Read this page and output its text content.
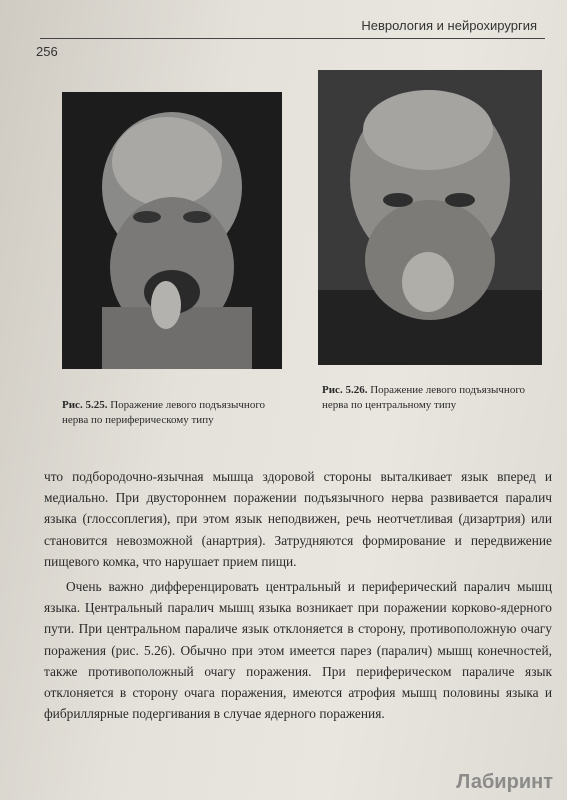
Неврология и нейрохирургия
256
Рис. 5.25. Поражение левого подъязычного нерва по периферическому типу
Рис. 5.26. Поражение левого подъязычного нерва по центральному типу

что подбородочно-язычная мышца здоровой стороны выталкивает язык вперед и медиально. При двустороннем поражении подъязычного нерва развивается паралич языка (глоссоплегия), при этом язык неподвижен, речь неотчетливая (дизартрия) или становится невозможной (анартрия). Затрудняются формирование и передвижение пищевого комка, что нарушает прием пищи.

Очень важно дифференцировать центральный и периферический паралич мышц языка. Центральный паралич мышц языка возникает при поражении корково-ядерного пути. При центральном параличе язык отклоняется в сторону, противоположную очагу поражения (рис. 5.26). Обычно при этом имеется парез (паралич) мышц конечностей, также противоположный очагу поражения. При периферическом параличе язык отклоняется в сторону очага поражения, имеются атрофия мышц половины языка и фибриллярные подергивания в случае ядерного поражения.

Лабиринт
